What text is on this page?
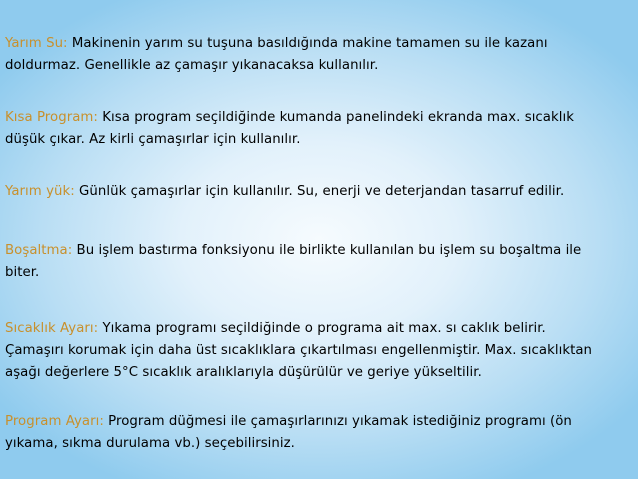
Yarım Su: Makinenin yarım su tuşuna basıldığında makine tamamen su ile kazanı
doldurmaz. Genellikle az çamaşır yıkanacaksa kullanılır.
Kısa Program: Kısa program seçildiğinde kumanda panelindeki ekranda max. sıcaklık
düşük çıkar. Az kirli çamaşırlar için kullanılır.
Yarım yük: Günlük çamaşırlar için kullanılır. Su, enerji ve deterjandan tasarruf edilir.
Boşaltma: Bu işlem bastırma fonksiyonu ile birlikte kullanılan bu işlem su boşaltma ile
biter.
Sıcaklık Ayarı: Yıkama programı seçildiğinde o programa ait max. sı caklık belirir.
Çamaşırı korumak için daha üst sıcaklıklara çıkartılması engellenmiştir. Max. sıcaklıktan
aşağı değerlere 5°C sıcaklık aralıklarıyla düşürülür ve geriye yükseltilir.
Program Ayarı: Program düğmesi ile çamaşırlarınızı yıkamak istediğiniz programı (ön
yıkama, sıkma durulama vb.) seçebilirsiniz.
